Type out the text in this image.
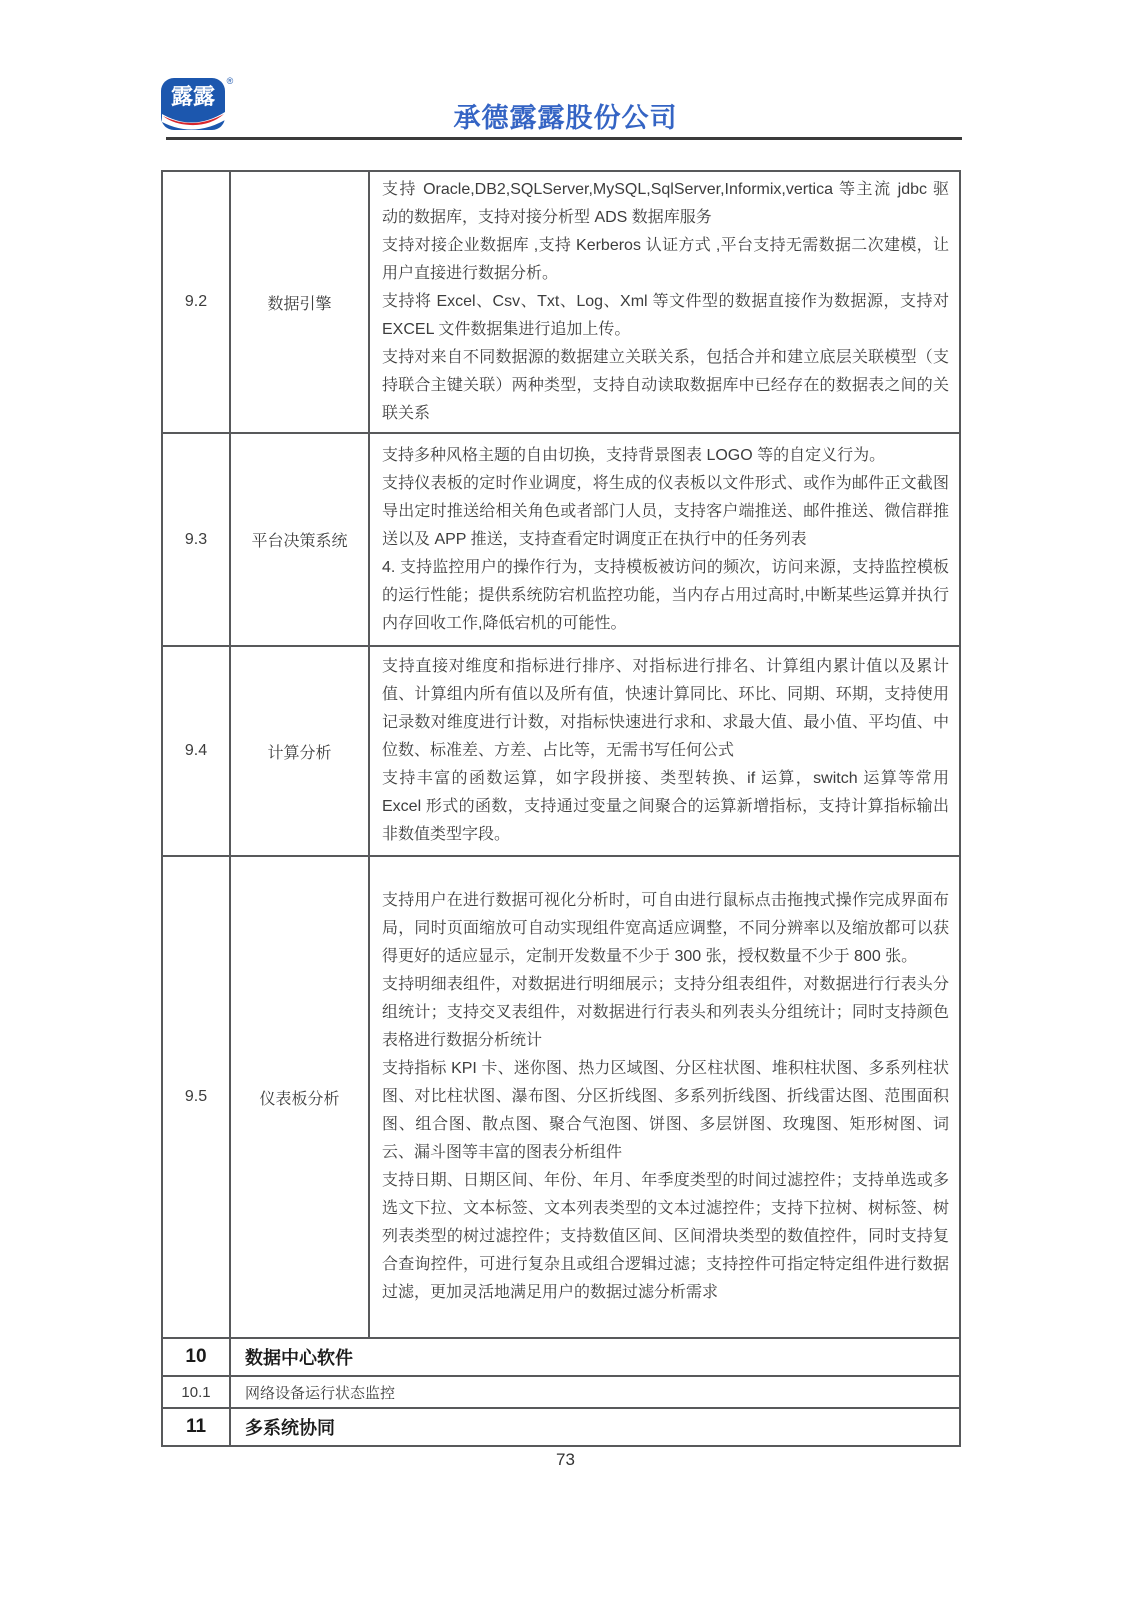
露露
®
承德露露股份公司
9.2	数据引擎	支持 Oracle,DB2,SQLServer,MySQL,SqlServer,Informix,vertica 等主流 jdbc 驱动的数据库，支持对接分析型 ADS 数据库服务

支持对接企业数据库 ,支持 Kerberos 认证方式 ,平台支持无需数据二次建模，让用户直接进行数据分析。

支持将 Excel、Csv、Txt、Log、Xml 等文件型的数据直接作为数据源，支持对 EXCEL 文件数据集进行追加上传。

支持对来自不同数据源的数据建立关联关系，包括合并和建立底层关联模型（支持联合主键关联）两种类型，支持自动读取数据库中已经存在的数据表之间的关联关系

9.3	平台决策系统	支持多种风格主题的自由切换，支持背景图表 LOGO 等的自定义行为。

支持仪表板的定时作业调度，将生成的仪表板以文件形式、或作为邮件正文截图导出定时推送给相关角色或者部门人员，支持客户端推送、邮件推送、微信群推送以及 APP 推送，支持查看定时调度正在执行中的任务列表

4. 支持监控用户的操作行为，支持模板被访问的频次，访问来源，支持监控模板的运行性能；提供系统防宕机监控功能，当内存占用过高时,中断某些运算并执行内存回收工作,降低宕机的可能性。

9.4	计算分析	支持直接对维度和指标进行排序、对指标进行排名、计算组内累计值以及累计值、计算组内所有值以及所有值，快速计算同比、环比、同期、环期，支持使用记录数对维度进行计数，对指标快速进行求和、求最大值、最小值、平均值、中位数、标准差、方差、占比等，无需书写任何公式

支持丰富的函数运算，如字段拼接、类型转换、if 运算，switch 运算等常用 Excel 形式的函数，支持通过变量之间聚合的运算新增指标，支持计算指标输出非数值类型字段。

9.5	仪表板分析	支持用户在进行数据可视化分析时，可自由进行鼠标点击拖拽式操作完成界面布局，同时页面缩放可自动实现组件宽高适应调整，不同分辨率以及缩放都可以获得更好的适应显示，定制开发数量不少于 300 张，授权数量不少于 800 张。

支持明细表组件，对数据进行明细展示；支持分组表组件，对数据进行行表头分组统计；支持交叉表组件，对数据进行行表头和列表头分组统计；同时支持颜色表格进行数据分析统计

支持指标 KPI 卡、迷你图、热力区域图、分区柱状图、堆积柱状图、多系列柱状图、对比柱状图、瀑布图、分区折线图、多系列折线图、折线雷达图、范围面积图、组合图、散点图、聚合气泡图、饼图、多层饼图、玫瑰图、矩形树图、词云、漏斗图等丰富的图表分析组件

支持日期、日期区间、年份、年月、年季度类型的时间过滤控件；支持单选或多选文下拉、文本标签、文本列表类型的文本过滤控件；支持下拉树、树标签、树列表类型的树过滤控件；支持数值区间、区间滑块类型的数值控件，同时支持复合查询控件，可进行复杂且或组合逻辑过滤；支持控件可指定特定组件进行数据过滤，更加灵活地满足用户的数据过滤分析需求

10	数据中心软件	
10.1	网络设备运行状态监控	
11	多系统协同	
73
